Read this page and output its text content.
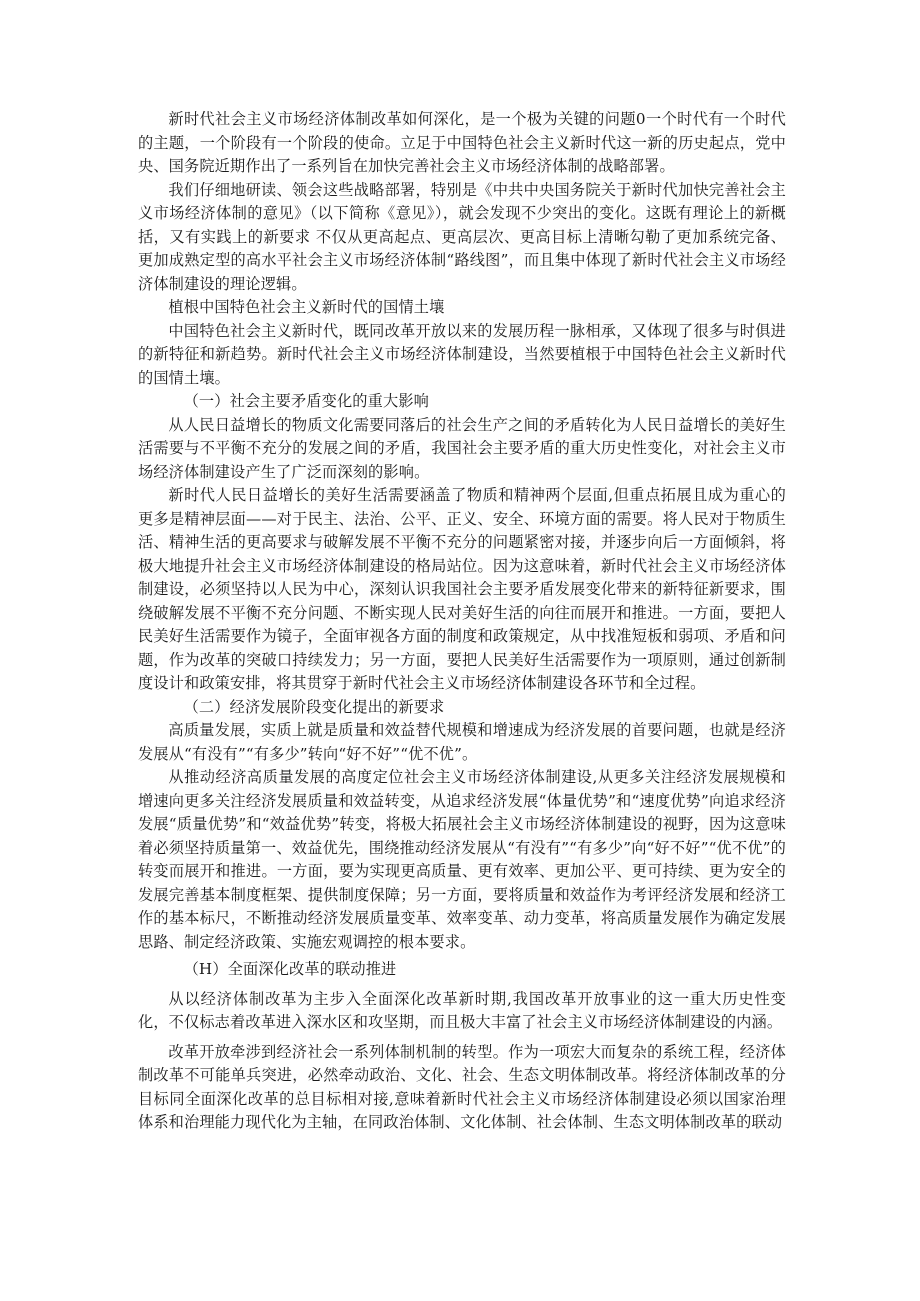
新时代社会主义市场经济体制改革如何深化，是一个极为关键的问题0一个时代有一个时代的主题，一个阶段有一个阶段的使命。立足于中国特色社会主义新时代这一新的历史起点，党中央、国务院近期作出了一系列旨在加快完善社会主义市场经济体制的战略部署。

我们仔细地研读、领会这些战略部署，特别是《中共中央国务院关于新时代加快完善社会主义市场经济体制的意见》（以下简称《意见》），就会发现不少突出的变化。这既有理论上的新概括，又有实践上的新要求 不仅从更高起点、更高层次、更高目标上清晰勾勒了更加系统完备、更加成熟定型的高水平社会主义市场经济体制“路线图”，而且集中体现了新时代社会主义市场经济体制建设的理论逻辑。

植根中国特色社会主义新时代的国情土壤

中国特色社会主义新时代，既同改革开放以来的发展历程一脉相承，又体现了很多与时俱进的新特征和新趋势。新时代社会主义市场经济体制建设，当然要植根于中国特色社会主义新时代的国情土壤。

（一）社会主要矛盾变化的重大影响

从人民日益增长的物质文化需要同落后的社会生产之间的矛盾转化为人民日益增长的美好生活需要与不平衡不充分的发展之间的矛盾，我国社会主要矛盾的重大历史性变化，对社会主义市场经济体制建设产生了广泛而深刻的影响。

新时代人民日益增长的美好生活需要涵盖了物质和精神两个层面,但重点拓展且成为重心的更多是精神层面——对于民主、法治、公平、正义、安全、环境方面的需要。将人民对于物质生活、精神生活的更高要求与破解发展不平衡不充分的问题紧密对接，并逐步向后一方面倾斜，将极大地提升社会主义市场经济体制建设的格局站位。因为这意味着，新时代社会主义市场经济体制建设，必须坚持以人民为中心，深刻认识我国社会主要矛盾发展变化带来的新特征新要求，围绕破解发展不平衡不充分问题、不断实现人民对美好生活的向往而展开和推进。一方面，要把人民美好生活需要作为镜子，全面审视各方面的制度和政策规定，从中找准短板和弱项、矛盾和问题，作为改革的突破口持续发力；另一方面，要把人民美好生活需要作为一项原则，通过创新制度设计和政策安排，将其贯穿于新时代社会主义市场经济体制建设各环节和全过程。

（二）经济发展阶段变化提出的新要求

高质量发展，实质上就是质量和效益替代规模和增速成为经济发展的首要问题，也就是经济发展从“有没有”“有多少”转向“好不好”“优不优”。

从推动经济高质量发展的高度定位社会主义市场经济体制建设,从更多关注经济发展规模和增速向更多关注经济发展质量和效益转变，从追求经济发展“体量优势”和“速度优势”向追求经济发展“质量优势”和“效益优势”转变，将极大拓展社会主义市场经济体制建设的视野，因为这意味着必须坚持质量第一、效益优先，围绕推动经济发展从“有没有”“有多少”向“好不好”“优不优”的转变而展开和推进。一方面，要为实现更高质量、更有效率、更加公平、更可持续、更为安全的发展完善基本制度框架、提供制度保障；另一方面，要将质量和效益作为考评经济发展和经济工作的基本标尺，不断推动经济发展质量变革、效率变革、动力变革，将高质量发展作为确定发展思路、制定经济政策、实施宏观调控的根本要求。

（H）全面深化改革的联动推进

从以经济体制改革为主步入全面深化改革新时期,我国改革开放事业的这一重大历史性变化，不仅标志着改革进入深水区和攻坚期，而且极大丰富了社会主义市场经济体制建设的内涵。

改革开放牵涉到经济社会一系列体制机制的转型。作为一项宏大而复杂的系统工程，经济体制改革不可能单兵突进，必然牵动政治、文化、社会、生态文明体制改革。将经济体制改革的分目标同全面深化改革的总目标相对接,意味着新时代社会主义市场经济体制建设必须以国家治理体系和治理能力现代化为主轴，在同政治体制、文化体制、社会体制、生态文明体制改革的联动
